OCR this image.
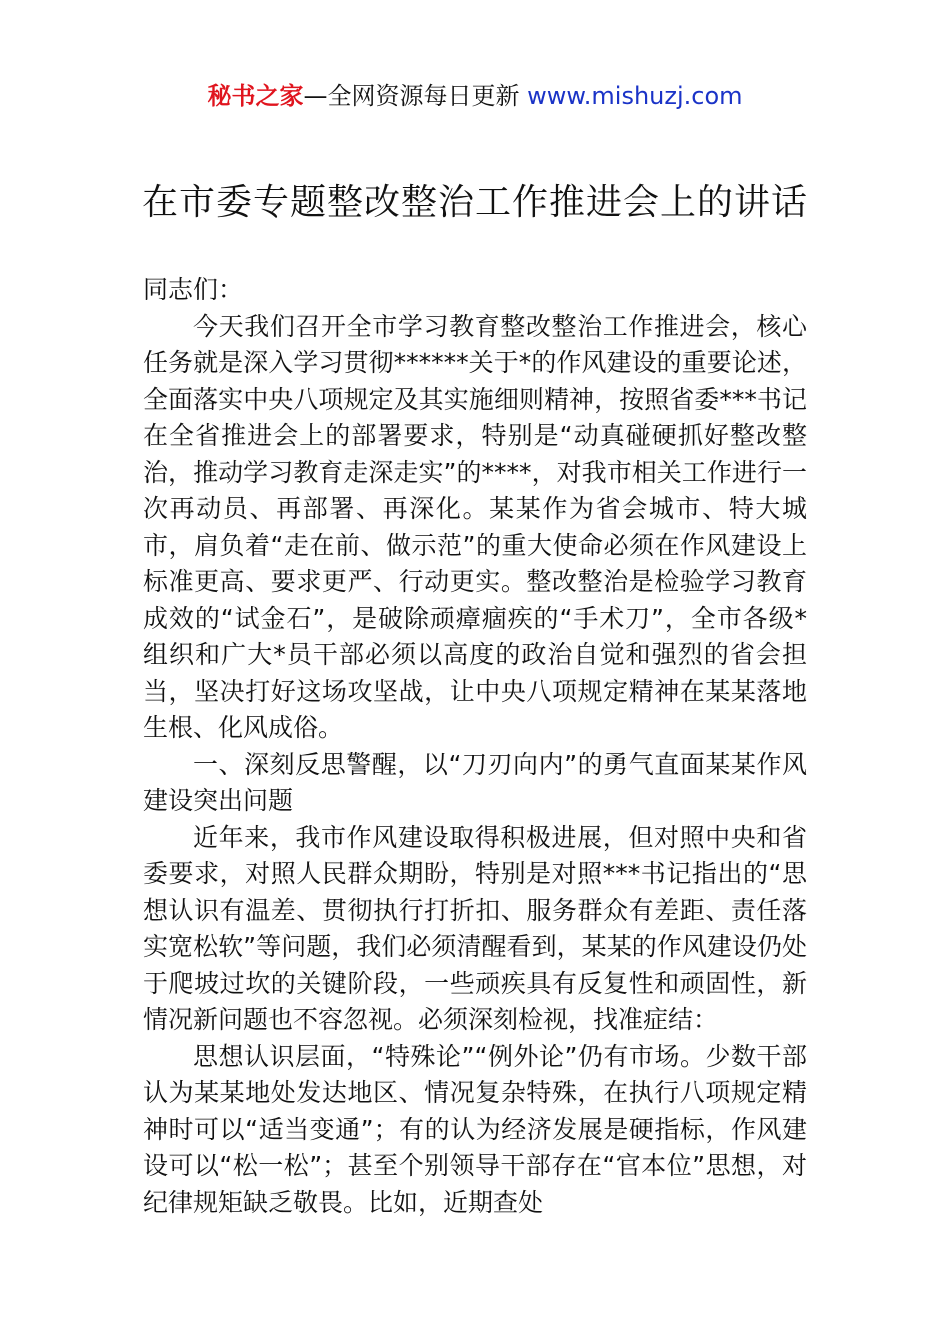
秘书之家—全网资源每日更新 www.mishuzj.com
在市委专题整改整治工作推进会上的讲话

同志们：

今天我们召开全市学习教育整改整治工作推进会，核心任务就是深入学习贯彻******关于*的作风建设的重要论述，全面落实中央八项规定及其实施细则精神，按照省委***书记在全省推进会上的部署要求，特别是“动真碰硬抓好整改整治，推动学习教育走深走实”的****，对我市相关工作进行一次再动员、再部署、再深化。某某作为省会城市、特大城市，肩负着“走在前、做示范”的重大使命必须在作风建设上标准更高、要求更严、行动更实。整改整治是检验学习教育成效的“试金石”，是破除顽瘴痼疾的“手术刀”，全市各级*组织和广大*员干部必须以高度的政治自觉和强烈的省会担当，坚决打好这场攻坚战，让中央八项规定精神在某某落地生根、化风成俗。

一、深刻反思警醒，以“刀刃向内”的勇气直面某某作风建设突出问题

近年来，我市作风建设取得积极进展，但对照中央和省委要求，对照人民群众期盼，特别是对照***书记指出的“思想认识有温差、贯彻执行打折扣、服务群众有差距、责任落实宽松软”等问题，我们必须清醒看到，某某的作风建设仍处于爬坡过坎的关键阶段，一些顽疾具有反复性和顽固性，新情况新问题也不容忽视。必须深刻检视，找准症结：

思想认识层面，“特殊论”“例外论”仍有市场。少数干部认为某某地处发达地区、情况复杂特殊，在执行八项规定精神时可以“适当变通”；有的认为经济发展是硬指标，作风建设可以“松一松”；甚至个别领导干部存在“官本位”思想，对纪律规矩缺乏敬畏。比如，近期查处
